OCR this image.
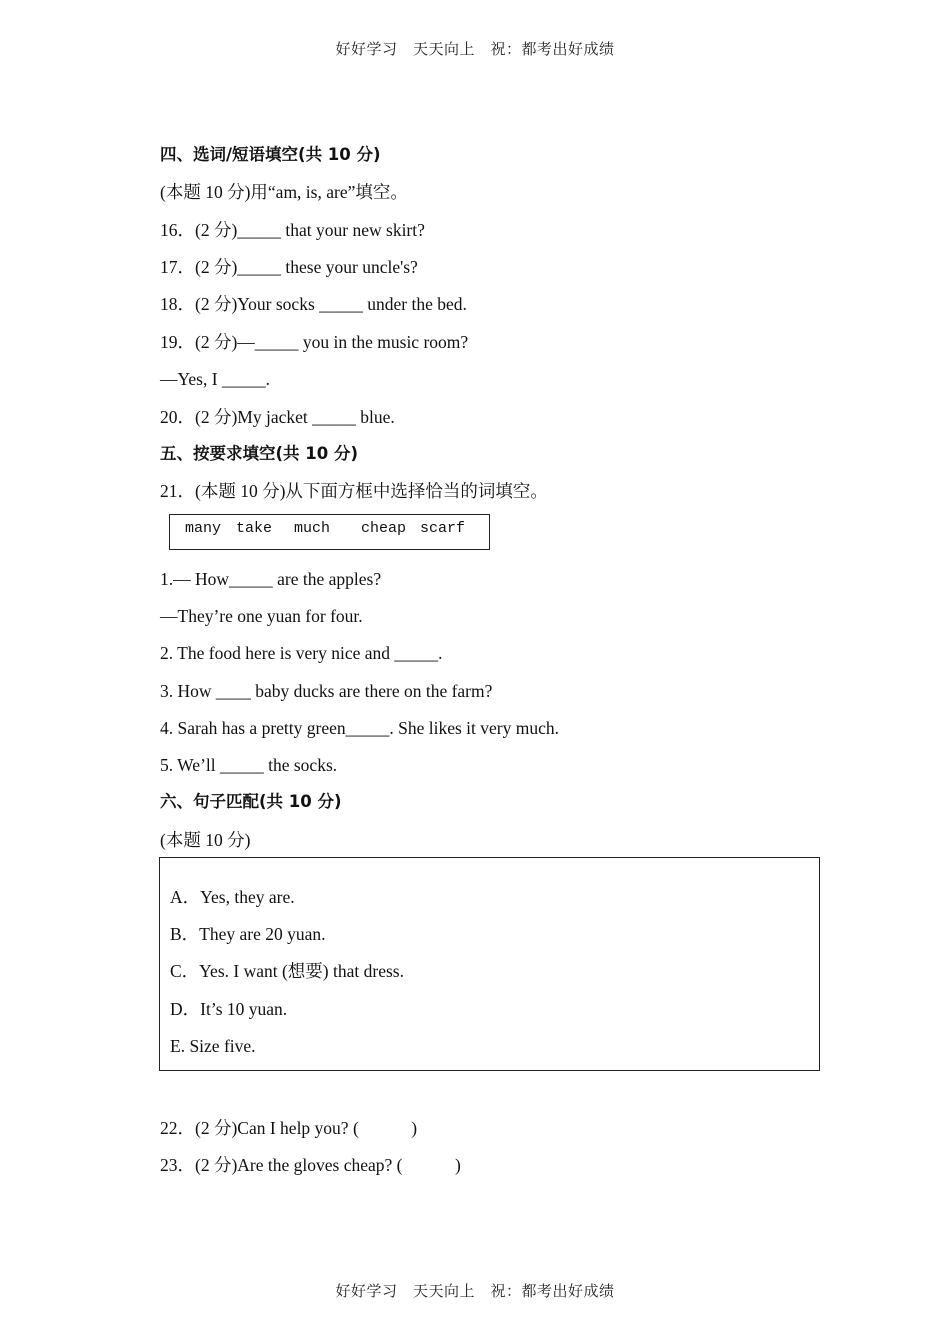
好好学习　天天向上　祝：都考出好成绩
四、选词/短语填空(共 10 分)
(本题 10 分)用“am, is, are”填空。
16．(2 分)_____ that your new skirt?
17．(2 分)_____ these your uncle's?
18．(2 分)Your socks _____ under the bed.
19．(2 分)—_____ you in the music room?
—Yes, I _____.
20．(2 分)My jacket _____ blue.
五、按要求填空(共 10 分)
21．(本题 10 分)从下面方框中选择恰当的词填空。
many take much cheap scarf
1.— How_____ are the apples?
—They’re one yuan for four.
2. The food here is very nice and _____.
3. How ____ baby ducks are there on the farm?
4. Sarah has a pretty green_____. She likes it very much.
5. We’ll _____ the socks.
六、句子匹配(共 10 分)
(本题 10 分)
A．Yes, they are.
B．They are 20 yuan.
C．Yes. I want (想要) that dress.
D．It’s 10 yuan.
E. Size five.
22．(2 分)Can I help you? (　　　)
23．(2 分)Are the gloves cheap? (　　　)
好好学习　天天向上　祝：都考出好成绩
